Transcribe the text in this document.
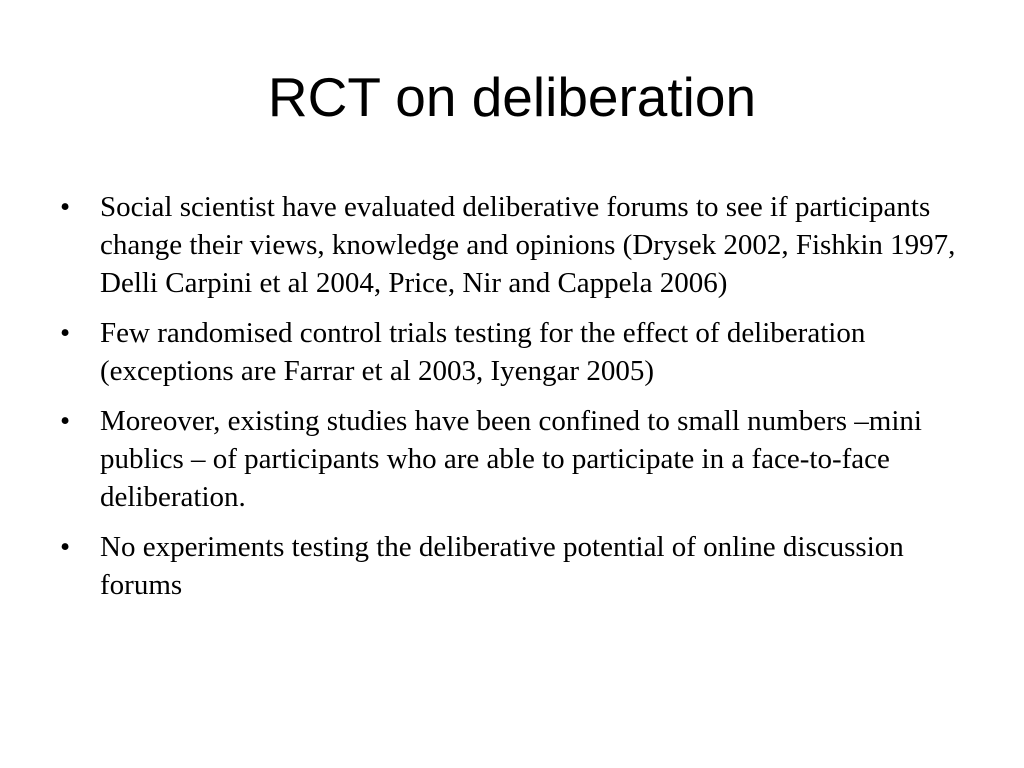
RCT on deliberation
• Social scientist have evaluated deliberative forums to see if participants change their views, knowledge and opinions (Drysek 2002, Fishkin 1997, Delli Carpini et al 2004, Price, Nir and Cappela 2006)
• Few randomised control trials testing for the effect of deliberation (exceptions are Farrar et al 2003, Iyengar 2005)
• Moreover, existing studies have been confined to small numbers –mini publics – of participants who are able to participate in a face-to-face deliberation.
• No experiments testing the deliberative potential of online discussion forums
